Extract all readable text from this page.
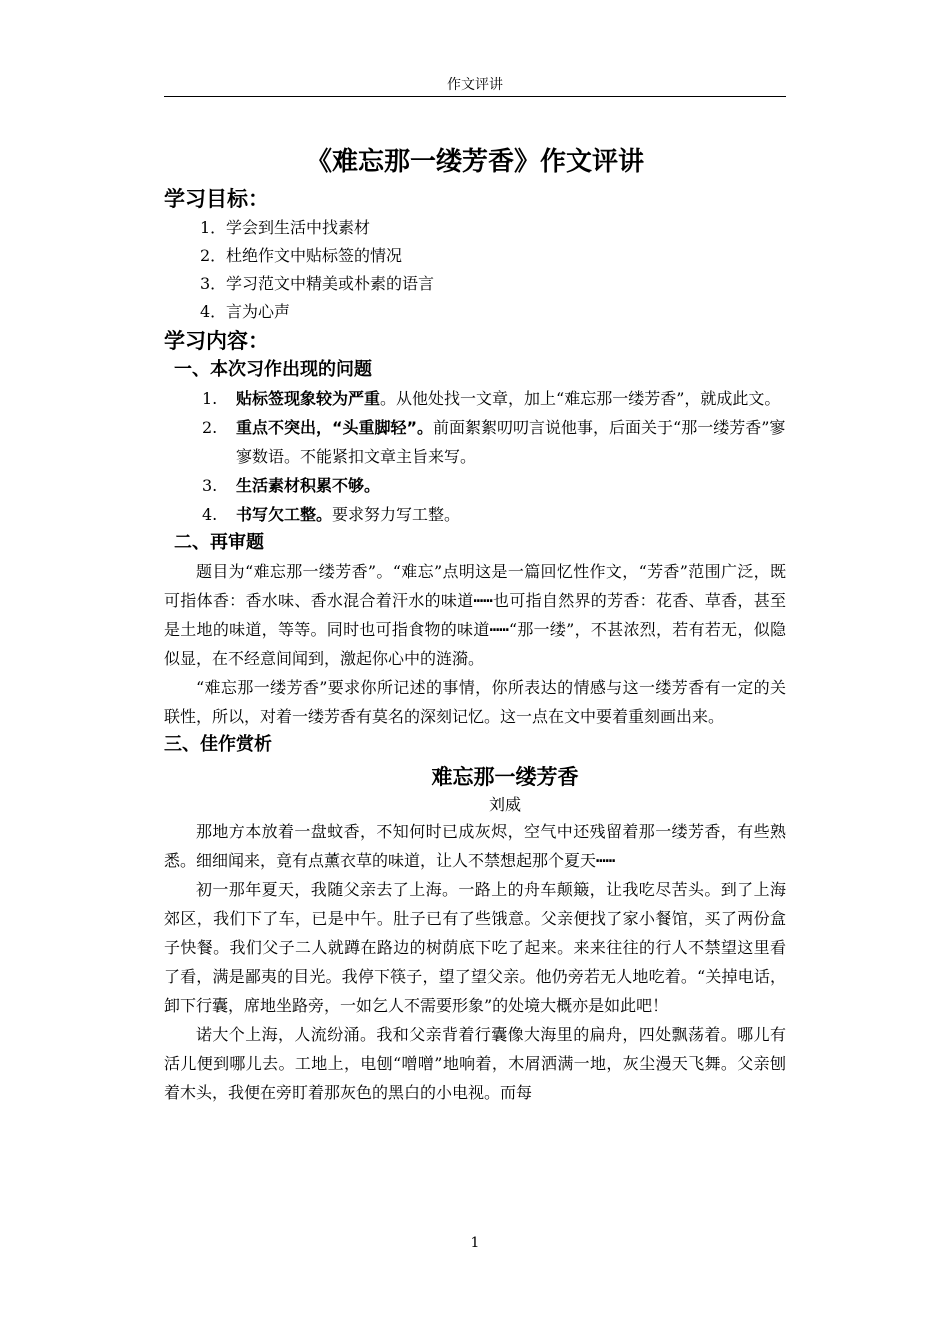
作文评讲
《难忘那一缕芳香》作文评讲
学习目标：
1．学会到生活中找素材
2．杜绝作文中贴标签的情况
3．学习范文中精美或朴素的语言
4．言为心声
学习内容：
一、本次习作出现的问题
1. 贴标签现象较为严重。从他处找一文章，加上“难忘那一缕芳香”，就成此文。
2. 重点不突出，“头重脚轻”。前面絮絮叨叨言说他事，后面关于“那一缕芳香”寥寥数语。不能紧扣文章主旨来写。
3. 生活素材积累不够。
4. 书写欠工整。要求努力写工整。
二、再审题

题目为“难忘那一缕芳香”。“难忘”点明这是一篇回忆性作文，“芳香”范围广泛，既可指体香：香水味、香水混合着汗水的味道┅┅也可指自然界的芳香：花香、草香，甚至是土地的味道，等等。同时也可指食物的味道┅┅“那一缕”，不甚浓烈，若有若无，似隐似显，在不经意间闻到，激起你心中的涟漪。

“难忘那一缕芳香”要求你所记述的事情，你所表达的情感与这一缕芳香有一定的关联性，所以，对着一缕芳香有莫名的深刻记忆。这一点在文中要着重刻画出来。

三、佳作赏析
难忘那一缕芳香
刘威

那地方本放着一盘蚊香，不知何时已成灰烬，空气中还残留着那一缕芳香，有些熟悉。细细闻来，竟有点薰衣草的味道，让人不禁想起那个夏天┅┅

初一那年夏天，我随父亲去了上海。一路上的舟车颠簸，让我吃尽苦头。到了上海郊区，我们下了车，已是中午。肚子已有了些饿意。父亲便找了家小餐馆，买了两份盒子快餐。我们父子二人就蹲在路边的树荫底下吃了起来。来来往往的行人不禁望这里看了看，满是鄙夷的目光。我停下筷子，望了望父亲。他仍旁若无人地吃着。“关掉电话，卸下行囊，席地坐路旁，一如乞人不需要形象”的处境大概亦是如此吧！

诺大个上海，人流纷涌。我和父亲背着行囊像大海里的扁舟，四处飘荡着。哪儿有活儿便到哪儿去。工地上，电刨“噌噌”地响着，木屑洒满一地，灰尘漫天飞舞。父亲刨着木头，我便在旁盯着那灰色的黑白的小电视。而每

1
